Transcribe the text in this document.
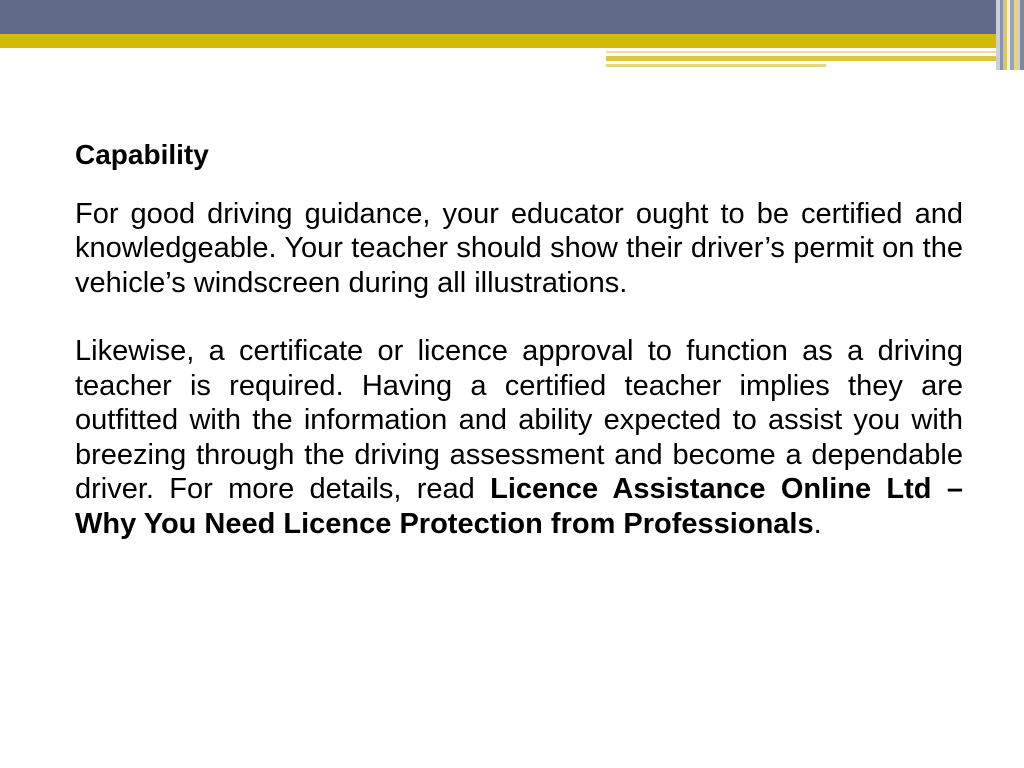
Capability

For good driving guidance, your educator ought to be certified and knowledgeable. Your teacher should show their driver’s permit on the vehicle’s windscreen during all illustrations.

Likewise, a certificate or licence approval to function as a driving teacher is required. Having a certified teacher implies they are outfitted with the information and ability expected to assist you with breezing through the driving assessment and become a dependable driver. For more details, read Licence Assistance Online Ltd – Why You Need Licence Protection from Professionals.
